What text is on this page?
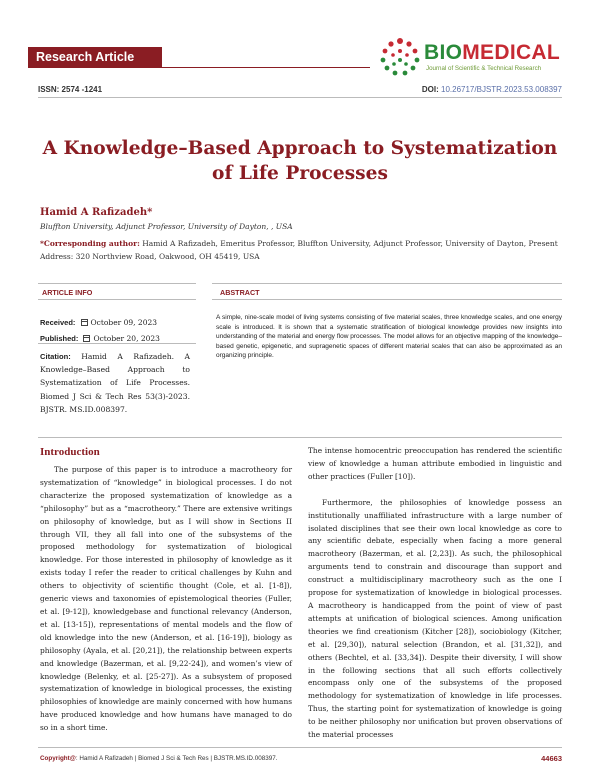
Research Article	BIOMEDICAL
Journal of Scientific & Technical Research
ISSN: 2574 -1241	DOI: 10.26717/BJSTR.2023.53.008397
A Knowledge–Based Approach to Systematization of Life Processes
Hamid A Rafizadeh*
Bluffton University, Adjunct Professor, University of Dayton, , USA
*Corresponding author: Hamid A Rafizadeh, Emeritus Professor, Bluffton University, Adjunct Professor, University of Dayton, Present Address: 320 Northview Road, Oakwood, OH 45419, USA
ARTICLE INFO	ABSTRACT
Received: October 09, 2023
Published: October 20, 2023
Citation: Hamid A Rafizadeh. A Knowledge–Based Approach to Systematization of Life Processes. Biomed J Sci & Tech Res 53(3)-2023. BJSTR. MS.ID.008397.
A simple, nine-scale model of living systems consisting of five material scales, three knowledge scales, and one energy scale is introduced. It is shown that a systematic stratification of biological knowledge provides new insights into understanding of the material and energy flow processes. The model allows for an objective mapping of the knowledge–based genetic, epigenetic, and supragenetic spaces of different material scales that can also be approximated as an organizing principle.
Introduction

The purpose of this paper is to introduce a macrotheory for systematization of “knowledge” in biological processes. I do not characterize the proposed systematization of knowledge as a “philosophy” but as a “macrotheory.” There are extensive writings on philosophy of knowledge, but as I will show in Sections II through VII, they all fall into one of the subsystems of the proposed methodology for systematization of biological knowledge. For those interested in philosophy of knowledge as it exists today I refer the reader to critical challenges by Kuhn and others to objectivity of scientific thought (Cole, et al. [1-8]), generic views and taxonomies of epistemological theories (Fuller, et al. [9-12]), knowledgebase and functional relevancy (Anderson, et al. [13-15]), representations of mental models and the flow of old knowledge into the new (Anderson, et al. [16-19]), biology as philosophy (Ayala, et al. [20,21]), the relationship between experts and knowledge (Bazerman, et al. [9,22-24]), and women’s view of knowledge (Belenky, et al. [25-27]). As a subsystem of proposed systematization of knowledge in biological processes, the existing philosophies of knowledge are mainly concerned with how humans have produced knowledge and how humans have managed to do so in a short time.

The intense homocentric preoccupation has rendered the scientific view of knowledge a human attribute embodied in linguistic and other practices (Fuller [10]).

Furthermore, the philosophies of knowledge possess an institutionally unaffiliated infrastructure with a large number of isolated disciplines that see their own local knowledge as core to any scientific debate, especially when facing a more general macrotheory (Bazerman, et al. [2,23]). As such, the philosophical arguments tend to constrain and discourage than support and construct a multidisciplinary macrotheory such as the one I propose for systematization of knowledge in biological processes. A macrotheory is handicapped from the point of view of past attempts at unification of biological sciences. Among unification theories we find creationism (Kitcher [28]), sociobiology (Kitcher, et al. [29,30]), natural selection (Brandon, et al. [31,32]), and others (Bechtel, et al. [33,34]). Despite their diversity, I will show in the following sections that all such efforts collectively encompass only one of the subsystems of the proposed methodology for systematization of knowledge in life processes. Thus, the starting point for systematization of knowledge is going to be neither philosophy nor unification but proven observations of the material processes

Copyright@: Hamid A Rafizadeh | Biomed J Sci & Tech Res | BJSTR.MS.ID.008397.	44663
